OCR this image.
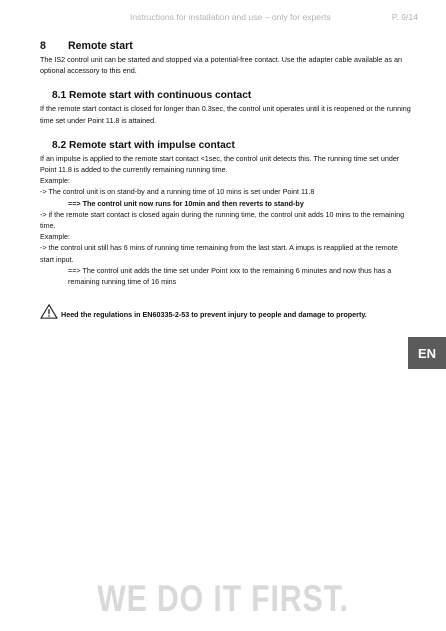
Instructions for installation and use – only for experts	P. 9/14
8	Remote start

The IS2 control unit can be started and stopped via a potential-free contact. Use the adapter cable available as an optional accessory to this end.

8.1 Remote start with continuous contact

If the remote start contact is closed for longer than 0.3sec, the control unit operates until it is reopened or the running time set under Point 11.8 is attained.

8.2 Remote start with impulse contact

If an impulse is applied to the remote start contact <1sec, the control unit detects this. The running time set under Point 11.8 is added to the currently remaining running time.

Example:

-> The control unit is on stand-by and a running time of 10 mins is set under Point 11.8

==> The control unit now runs for 10min and then reverts to stand-by

-> if the remote start contact is closed again during the running time, the control unit adds 10 mins to the remaining time.

Example:

-> the control unit still has 6 mins of running time remaining from the last start. A imups is reapplied at the remote start input.

==> The control unit adds the time set under Point xxx to the remaining 6 minutes and now thus has a remaining running time of 16 mins

Heed the regulations in EN60335-2-53 to prevent injury to people and damage to property.
EN
WE DO IT FIRST.
